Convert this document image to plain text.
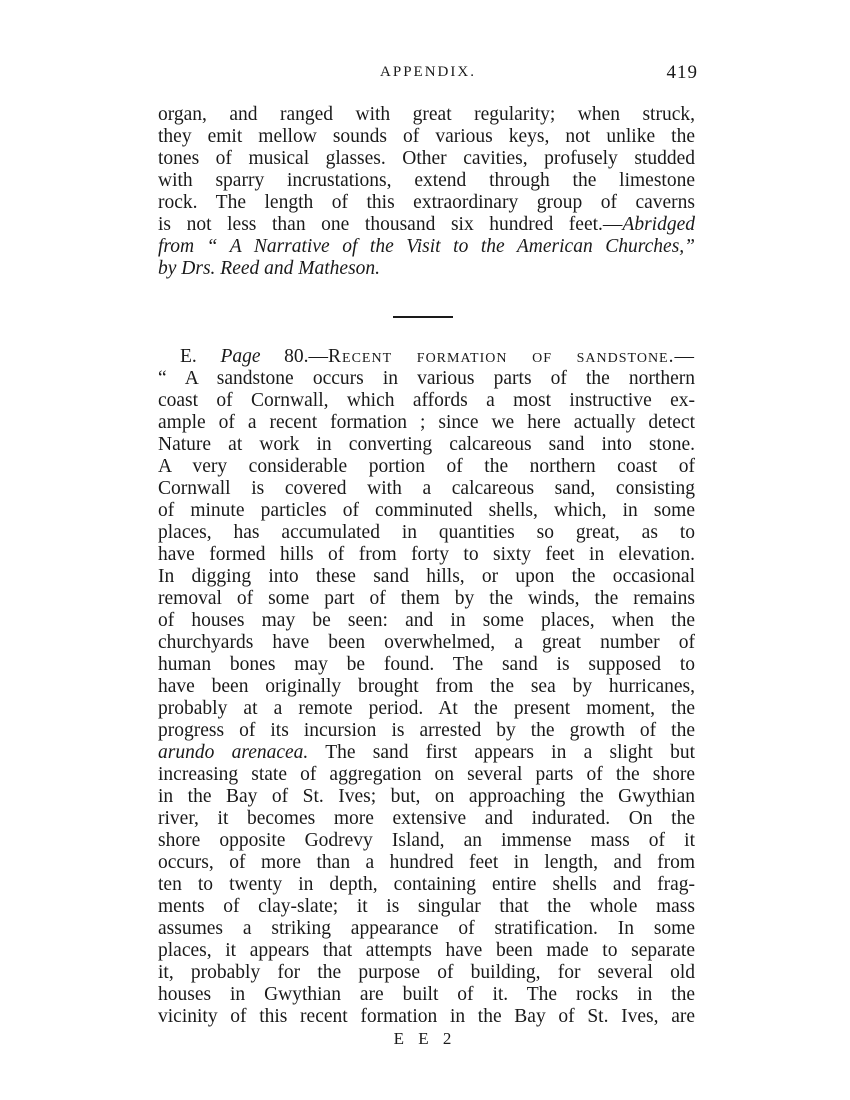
APPENDIX.	419
organ, and ranged with great regularity; when struck,
they emit mellow sounds of various keys, not unlike the
tones of musical glasses. Other cavities, profusely studded
with sparry incrustations, extend through the limestone
rock. The length of this extraordinary group of caverns
is not less than one thousand six hundred feet.—Abridged
from “ A Narrative of the Visit to the American Churches,”
by Drs. Reed and Matheson.
E. Page 80.—Recent formation of sandstone.—
“ A sandstone occurs in various parts of the northern
coast of Cornwall, which affords a most instructive ex-
ample of a recent formation ; since we here actually detect
Nature at work in converting calcareous sand into stone.
A very considerable portion of the northern coast of
Cornwall is covered with a calcareous sand, consisting
of minute particles of comminuted shells, which, in some
places, has accumulated in quantities so great, as to
have formed hills of from forty to sixty feet in elevation.
In digging into these sand hills, or upon the occasional
removal of some part of them by the winds, the remains
of houses may be seen: and in some places, when the
churchyards have been overwhelmed, a great number of
human bones may be found. The sand is supposed to
have been originally brought from the sea by hurricanes,
probably at a remote period. At the present moment, the
progress of its incursion is arrested by the growth of the
arundo arenacea. The sand first appears in a slight but
increasing state of aggregation on several parts of the shore
in the Bay of St. Ives; but, on approaching the Gwythian
river, it becomes more extensive and indurated. On the
shore opposite Godrevy Island, an immense mass of it
occurs, of more than a hundred feet in length, and from
ten to twenty in depth, containing entire shells and frag-
ments of clay-slate; it is singular that the whole mass
assumes a striking appearance of stratification. In some
places, it appears that attempts have been made to separate
it, probably for the purpose of building, for several old
houses in Gwythian are built of it. The rocks in the
vicinity of this recent formation in the Bay of St. Ives, are
E E 2
